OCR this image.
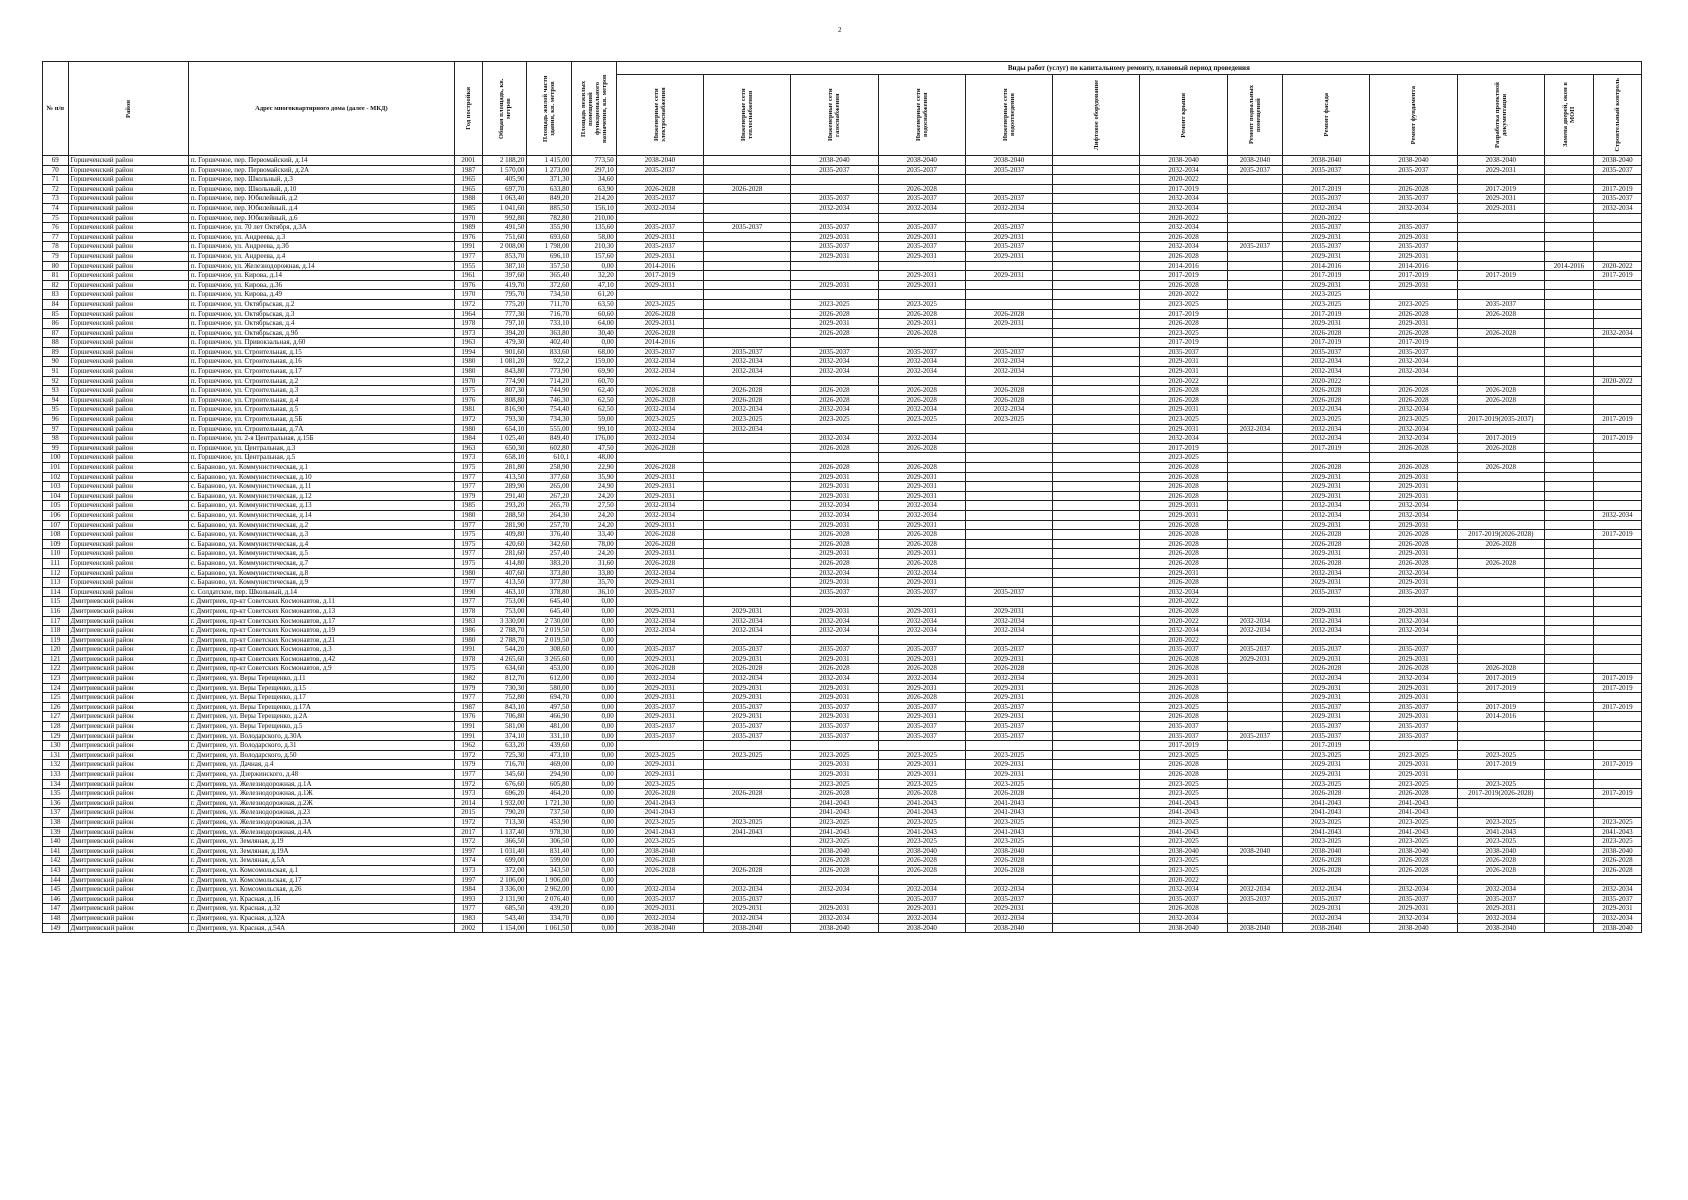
2
№ п/п	Район	Адрес многоквартирного дома (далее - МКД)	Год постройки	Общая площадь, кв. метров	Площадь жилой части здания, кв. метров	Площадь нежилых помещений функционального назначения, кв. метров	Виды работ (услуг) по капитальному ремонту, плановый период проведения												

							Инженерные сети электроснабжения	Инженерные сети теплоснабжения	Инженерные сети газоснабжения	Инженерные сети водоснабжения	Инженерные сети водоотведения	Лифтовое оборудование	Ремонт крыши	Ремонт подвальных помещений	Ремонт фасада	Ремонт фундамента	Разработка проектной документации	Замена дверей, окон в МОП	Строительный контроль

69	Горшеченский район	п. Горшечное, пер. Первомайский, д.14	2001	2 188,20	1 415,00	773,50	2038-2040		2038-2040	2038-2040	2038-2040		2038-2040	2038-2040	2038-2040	2038-2040	2038-2040		2038-2040
70	Горшеченский район	п. Горшечное, пер. Первомайский, д.2А	1987	1 570,00	1 273,00	297,10	2035-2037		2035-2037	2035-2037	2035-2037		2032-2034	2035-2037	2035-2037	2035-2037	2029-2031		2035-2037
71	Горшеченский район	п. Горшечное, пер. Школьный, д.3	1965	405,90	371,30	34,60							2020-2022						
72	Горшеченский район	п. Горшечное, пер. Школьный, д.10	1965	697,70	633,80	63,90	2026-2028	2026-2028		2026-2028			2017-2019		2017-2019	2026-2028	2017-2019		2017-2019
73	Горшеченский район	п. Горшечное, пер. Юбилейный, д.2	1988	1 063,40	849,20	214,20	2035-2037		2035-2037	2035-2037	2035-2037		2032-2034		2035-2037	2035-2037	2029-2031		2035-2037
74	Горшеченский район	п. Горшечное, пер. Юбилейный, д.4	1985	1 041,60	885,50	156,10	2032-2034		2032-2034	2032-2034	2032-2034		2032-2034		2032-2034	2032-2034	2029-2031		2032-2034
75	Горшеченский район	п. Горшечное, пер. Юбилейный, д.6	1970	992,80	782,80	210,00							2020-2022		2020-2022				
76	Горшеченский район	п. Горшечное, ул. 70 лет Октября, д.3А	1989	491,50	355,90	135,60	2035-2037	2035-2037	2035-2037	2035-2037	2035-2037		2032-2034		2035-2037	2035-2037			
77	Горшеченский район	п. Горшечное, ул. Андреева, д.3	1976	751,60	693,60	58,00	2029-2031		2029-2031	2029-2031	2029-2031		2026-2028		2029-2031	2029-2031			
78	Горшеченский район	п. Горшечное, ул. Андреева, д.3б	1991	2 008,00	1 798,00	210,30	2035-2037		2035-2037	2035-2037	2035-2037		2032-2034	2035-2037	2035-2037	2035-2037			
79	Горшеченский район	п. Горшечное, ул. Андреева, д.4	1977	853,70	696,10	157,60	2029-2031		2029-2031	2029-2031	2029-2031		2026-2028		2029-2031	2029-2031			
80	Горшеченский район	п. Горшечное, ул. Железнодорожная, д.14	1955	387,10	357,50	0,00	2014-2016						2014-2016		2014-2016	2014-2016		2014-2016	2020-2022
81	Горшеченский район	п. Горшечное, ул. Кирова, д.14	1961	397,60	365,40	32,20	2017-2019			2029-2031	2029-2031		2017-2019		2017-2019	2017-2019	2017-2019		2017-2019
82	Горшеченский район	п. Горшечное, ул. Кирова, д.36	1976	419,70	372,60	47,10	2029-2031		2029-2031	2029-2031			2026-2028		2029-2031	2029-2031			
83	Горшеченский район	п. Горшечное, ул. Кирова, д.49	1970	795,70	734,50	61,20							2020-2022		2023-2025				
84	Горшеченский район	п. Горшечное, ул. Октябрьская, д.2	1972	775,20	711,70	63,50	2023-2025		2023-2025	2023-2025			2023-2025		2023-2025	2023-2025	2035-2037		
85	Горшеченский район	п. Горшечное, ул. Октябрьская, д.3	1964	777,30	716,70	60,60	2026-2028		2026-2028	2026-2028	2026-2028		2017-2019		2017-2019	2026-2028	2026-2028		
86	Горшеченский район	п. Горшечное, ул. Октябрьская, д.4	1978	797,10	733,10	64,00	2029-2031		2029-2031	2029-2031	2029-2031		2026-2028		2029-2031	2029-2031			
87	Горшеченский район	п. Горшечное, ул. Октябрьская, д.9б	1973	394,20	363,80	30,40	2026-2028		2026-2028	2026-2028			2023-2025		2026-2028	2026-2028	2026-2028		2032-2034
88	Горшеченский район	п. Горшечное, ул. Привокзальная, д.60	1963	479,30	402,40	0,00	2014-2016						2017-2019		2017-2019	2017-2019			
89	Горшеченский район	п. Горшечное, ул. Строительная, д.15	1994	901,60	833,60	68,00	2035-2037	2035-2037	2035-2037	2035-2037	2035-2037		2035-2037		2035-2037	2035-2037			
90	Горшеченский район	п. Горшечное, ул. Строительная, д.16	1980	1 081,20	922,2	159,00	2032-2034	2032-2034	2032-2034	2032-2034	2032-2034		2029-2031		2032-2034	2032-2034			
91	Горшеченский район	п. Горшечное, ул. Строительная, д.17	1980	843,80	773,90	69,90	2032-2034	2032-2034	2032-2034	2032-2034	2032-2034		2029-2031		2032-2034	2032-2034			
92	Горшеченский район	п. Горшечное, ул. Строительная, д.2	1970	774,90	714,20	60,70							2020-2022		2020-2022				2020-2022
93	Горшеченский район	п. Горшечное, ул. Строительная, д.3	1975	807,30	744,90	62,40	2026-2028	2026-2028	2026-2028	2026-2028	2026-2028		2026-2028		2026-2028	2026-2028	2026-2028		
94	Горшеченский район	п. Горшечное, ул. Строительная, д.4	1976	808,80	746,30	62,50	2026-2028	2026-2028	2026-2028	2026-2028	2026-2028		2026-2028		2026-2028	2026-2028	2026-2028		
95	Горшеченский район	п. Горшечное, ул. Строительная, д.5	1981	816,90	754,40	62,50	2032-2034	2032-2034	2032-2034	2032-2034	2032-2034		2029-2031		2032-2034	2032-2034			
96	Горшеченский район	п. Горшечное, ул. Строительная, д.5Б	1972	793,30	734,30	59,00	2023-2025	2023-2025	2023-2025	2023-2025	2023-2025		2023-2025		2023-2025	2023-2025	2017-2019(2035-2037)		2017-2019
97	Горшеченский район	п. Горшечное, ул. Строительная, д.7А	1980	654,10	555,00	99,10	2032-2034	2032-2034					2029-2031	2032-2034	2032-2034	2032-2034			
98	Горшеченский район	п. Горшечное, ул. 2-я Центральная, д.15Б	1984	1 025,40	849,40	176,00	2032-2034		2032-2034	2032-2034			2032-2034		2032-2034	2032-2034	2017-2019		2017-2019
99	Горшеченский район	п. Горшечное, ул. Центральная, д.3	1963	650,30	602,80	47,50	2026-2028		2026-2028	2026-2028			2017-2019		2017-2019	2026-2028	2026-2028		
100	Горшеченский район	п. Горшечное, ул. Центральная, д.5	1973	658,10	610,1	48,00							2023-2025						
101	Горшеченский район	с. Бараново, ул. Коммунистическая, д.1	1975	281,80	258,90	22,90	2026-2028		2026-2028	2026-2028			2026-2028		2026-2028	2026-2028	2026-2028		
102	Горшеченский район	с. Бараново, ул. Коммунистическая, д.10	1977	413,50	377,60	35,90	2029-2031		2029-2031	2029-2031			2026-2028		2029-2031	2029-2031			
103	Горшеченский район	с. Бараново, ул. Коммунистическая, д.11	1977	289,90	265,00	24,90	2029-2031		2029-2031	2029-2031			2026-2028		2029-2031	2029-2031			
104	Горшеченский район	с. Бараново, ул. Коммунистическая, д.12	1979	291,40	267,20	24,20	2029-2031		2029-2031	2029-2031			2026-2028		2029-2031	2029-2031			
105	Горшеченский район	с. Бараново, ул. Коммунистическая, д.13	1985	293,20	265,70	27,50	2032-2034		2032-2034	2032-2034			2029-2031		2032-2034	2032-2034			
106	Горшеченский район	с. Бараново, ул. Коммунистическая, д.14	1980	288,50	264,30	24,20	2032-2034		2032-2034	2032-2034			2029-2031		2032-2034	2032-2034			2032-2034
107	Горшеченский район	с. Бараново, ул. Коммунистическая, д.2	1977	281,90	257,70	24,20	2029-2031		2029-2031	2029-2031			2026-2028		2029-2031	2029-2031			
108	Горшеченский район	с. Бараново, ул. Коммунистическая, д.3	1975	409,80	376,40	33,40	2026-2028		2026-2028	2026-2028			2026-2028		2026-2028	2026-2028	2017-2019(2026-2028)		2017-2019
109	Горшеченский район	с. Бараново, ул. Коммунистическая, д.4	1975	420,60	342,60	78,00	2026-2028		2026-2028	2026-2028			2026-2028		2026-2028	2026-2028	2026-2028		
110	Горшеченский район	с. Бараново, ул. Коммунистическая, д.5	1977	281,60	257,40	24,20	2029-2031		2029-2031	2029-2031			2026-2028		2029-2031	2029-2031			
111	Горшеченский район	с. Бараново, ул. Коммунистическая, д.7	1975	414,80	383,20	31,60	2026-2028		2026-2028	2026-2028			2026-2028		2026-2028	2026-2028	2026-2028		
112	Горшеченский район	с. Бараново, ул. Коммунистическая, д.8	1980	407,60	373,80	33,80	2032-2034		2032-2034	2032-2034			2029-2031		2032-2034	2032-2034			
113	Горшеченский район	с. Бараново, ул. Коммунистическая, д.9	1977	413,50	377,80	35,70	2029-2031		2029-2031	2029-2031			2026-2028		2029-2031	2029-2031			
114	Горшеченский район	с. Солдатское, пер. Школьный, д.14	1990	463,10	378,80	36,10	2035-2037		2035-2037	2035-2037	2035-2037		2032-2034		2035-2037	2035-2037			
115	Дмитриевский район	г. Дмитриев, пр-кт Советских Космонавтов, д.11	1977	753,00	645,40	0,00							2020-2022						
116	Дмитриевский район	г. Дмитриев, пр-кт Советских Космонавтов, д.13	1978	753,00	645,40	0,00	2029-2031	2029-2031	2029-2031	2029-2031	2029-2031		2026-2028		2029-2031	2029-2031			
117	Дмитриевский район	г. Дмитриев, пр-кт Советских Космонавтов, д.17	1983	3 330,00	2 730,00	0,00	2032-2034	2032-2034	2032-2034	2032-2034	2032-2034		2020-2022	2032-2034	2032-2034	2032-2034			
118	Дмитриевский район	г. Дмитриев, пр-кт Советских Космонавтов, д.19	1986	2 788,70	2 019,50	0,00	2032-2034	2032-2034	2032-2034	2032-2034	2032-2034		2032-2034	2032-2034	2032-2034	2032-2034			
119	Дмитриевский район	г. Дмитриев, пр-кт Советских Космонавтов, д.21	1980	2 788,70	2 019,50	0,00							2020-2022						
120	Дмитриевский район	г. Дмитриев, пр-кт Советских Космонавтов, д.3	1991	544,20	308,60	0,00	2035-2037	2035-2037	2035-2037	2035-2037	2035-2037		2035-2037	2035-2037	2035-2037	2035-2037			
121	Дмитриевский район	г. Дмитриев, пр-кт Советских Космонавтов, д.42	1978	4 265,60	3 265,60	0,00	2029-2031	2029-2031	2029-2031	2029-2031	2029-2031		2026-2028	2029-2031	2029-2031	2029-2031			
122	Дмитриевский район	г. Дмитриев, пр-кт Советских Космонавтов, д.9	1975	634,60	453,00	0,00	2026-2028	2026-2028	2026-2028	2026-2028	2026-2028		2026-2028		2026-2028	2026-2028	2026-2028		
123	Дмитриевский район	г. Дмитриев, ул. Веры Терещенко, д.11	1982	812,70	612,00	0,00	2032-2034	2032-2034	2032-2034	2032-2034	2032-2034		2029-2031		2032-2034	2032-2034	2017-2019		2017-2019
124	Дмитриевский район	г. Дмитриев, ул. Веры Терещенко, д.15	1979	730,30	580,00	0,00	2029-2031	2029-2031	2029-2031	2029-2031	2029-2031		2026-2028		2029-2031	2029-2031	2017-2019		2017-2019
125	Дмитриевский район	г. Дмитриев, ул. Веры Терещенко, д.17	1977	752,80	694,70	0,00	2029-2031	2029-2031	2029-2031	2026-2028	2029-2031		2026-2028		2029-2031	2029-2031			
126	Дмитриевский район	г. Дмитриев, ул. Веры Терещенко, д.17А	1987	843,10	497,50	0,00	2035-2037	2035-2037	2035-2037	2035-2037	2035-2037		2023-2025		2035-2037	2035-2037	2017-2019		2017-2019
127	Дмитриевский район	г. Дмитриев, ул. Веры Терещенко, д.2А	1976	706,80	466,90	0,00	2029-2031	2029-2031	2029-2031	2029-2031	2029-2031		2026-2028		2029-2031	2029-2031	2014-2016		
128	Дмитриевский район	г. Дмитриев, ул. Веры Терещенко, д.5	1991	581,00	481,00	0,00	2035-2037	2035-2037	2035-2037	2035-2037	2035-2037		2035-2037		2035-2037	2035-2037			
129	Дмитриевский район	г. Дмитриев, ул. Володарского, д.30А	1991	374,10	331,10	0,00	2035-2037	2035-2037	2035-2037	2035-2037	2035-2037		2035-2037	2035-2037	2035-2037	2035-2037			
130	Дмитриевский район	г. Дмитриев, ул. Володарского, д.31	1962	633,20	439,60	0,00							2017-2019		2017-2019				
131	Дмитриевский район	г. Дмитриев, ул. Володарского, д.50	1972	725,30	473,10	0,00	2023-2025	2023-2025	2023-2025	2023-2025	2023-2025		2023-2025		2023-2025	2023-2025	2023-2025		
132	Дмитриевский район	г. Дмитриев, ул. Дачная, д.4	1979	716,70	469,00	0,00	2029-2031		2029-2031	2029-2031	2029-2031		2026-2028		2029-2031	2029-2031	2017-2019		2017-2019
133	Дмитриевский район	г. Дмитриев, ул. Дзержинского, д.48	1977	345,60	294,90	0,00	2029-2031		2029-2031	2029-2031	2029-2031		2026-2028		2029-2031	2029-2031			
134	Дмитриевский район	г. Дмитриев, ул. Железнодорожная, д.1А	1972	676,60	605,80	0,00	2023-2025		2023-2025	2023-2025	2023-2025		2023-2025		2023-2025	2023-2025	2023-2025		
135	Дмитриевский район	г. Дмитриев, ул. Железнодорожная, д.1Ж	1973	696,20	464,20	0,00	2026-2028	2026-2028	2026-2028	2026-2028	2026-2028		2023-2025		2026-2028	2026-2028	2017-2019(2026-2028)		2017-2019
136	Дмитриевский район	г. Дмитриев, ул. Железнодорожная, д.2Ж	2014	1 932,00	1 721,30	0,00	2041-2043		2041-2043	2041-2043	2041-2043		2041-2043		2041-2043	2041-2043			
137	Дмитриевский район	г. Дмитриев, ул. Железнодорожная, д.23	2015	790,20	737,50	0,00	2041-2043		2041-2043	2041-2043	2041-2043		2041-2043		2041-2043	2041-2043			
138	Дмитриевский район	г. Дмитриев, ул. Железнодорожная, д.3А	1972	713,30	453,90	0,00	2023-2025	2023-2025	2023-2025	2023-2025	2023-2025		2023-2025		2023-2025	2023-2025	2023-2025		2023-2025
139	Дмитриевский район	г. Дмитриев, ул. Железнодорожная, д.4А	2017	1 137,40	978,30	0,00	2041-2043	2041-2043	2041-2043	2041-2043	2041-2043		2041-2043		2041-2043	2041-2043	2041-2043		2041-2043
140	Дмитриевский район	г. Дмитриев, ул. Земляная, д.19	1972	366,50	306,50	0,00	2023-2025		2023-2025	2023-2025	2023-2025		2023-2025		2023-2025	2023-2025	2023-2025		2023-2025
141	Дмитриевский район	г. Дмитриев, ул. Земляная, д.19А	1997	1 031,40	831,40	0,00	2038-2040		2038-2040	2038-2040	2038-2040		2038-2040	2038-2040	2038-2040	2038-2040	2038-2040		2038-2040
142	Дмитриевский район	г. Дмитриев, ул. Земляная, д.5А	1974	699,00	599,00	0,00	2026-2028		2026-2028	2026-2028	2026-2028		2023-2025		2026-2028	2026-2028	2026-2028		2026-2028
143	Дмитриевский район	г. Дмитриев, ул. Комсомольская, д.1	1973	372,00	343,50	0,00	2026-2028	2026-2028	2026-2028	2026-2028	2026-2028		2023-2025		2026-2028	2026-2028	2026-2028		2026-2028
144	Дмитриевский район	г. Дмитриев, ул. Комсомольская, д.17	1997	2 106,00	1 906,00	0,00							2020-2022						
145	Дмитриевский район	г. Дмитриев, ул. Комсомольская, д.26	1984	3 336,00	2 962,00	0,00	2032-2034	2032-2034	2032-2034	2032-2034	2032-2034		2032-2034	2032-2034	2032-2034	2032-2034	2032-2034		2032-2034
146	Дмитриевский район	г. Дмитриев, ул. Красная, д.16	1993	2 131,90	2 076,40	0,00	2035-2037	2035-2037		2035-2037	2035-2037		2035-2037	2035-2037	2035-2037	2035-2037	2035-2037		2035-2037
147	Дмитриевский район	г. Дмитриев, ул. Красная, д.32	1977	685,50	439,20	0,00	2029-2031	2029-2031	2029-2031	2029-2031	2029-2031		2026-2028		2029-2031	2029-2031	2029-2031		2029-2031
148	Дмитриевский район	г. Дмитриев, ул. Красная, д.32А	1983	543,40	334,70	0,00	2032-2034	2032-2034	2032-2034	2032-2034	2032-2034		2032-2034		2032-2034	2032-2034	2032-2034		2032-2034
149	Дмитриевский район	г. Дмитриев, ул. Красная, д.54А	2002	1 154,00	1 061,50	0,00	2038-2040	2038-2040	2038-2040	2038-2040	2038-2040		2038-2040	2038-2040	2038-2040	2038-2040	2038-2040		2038-2040
